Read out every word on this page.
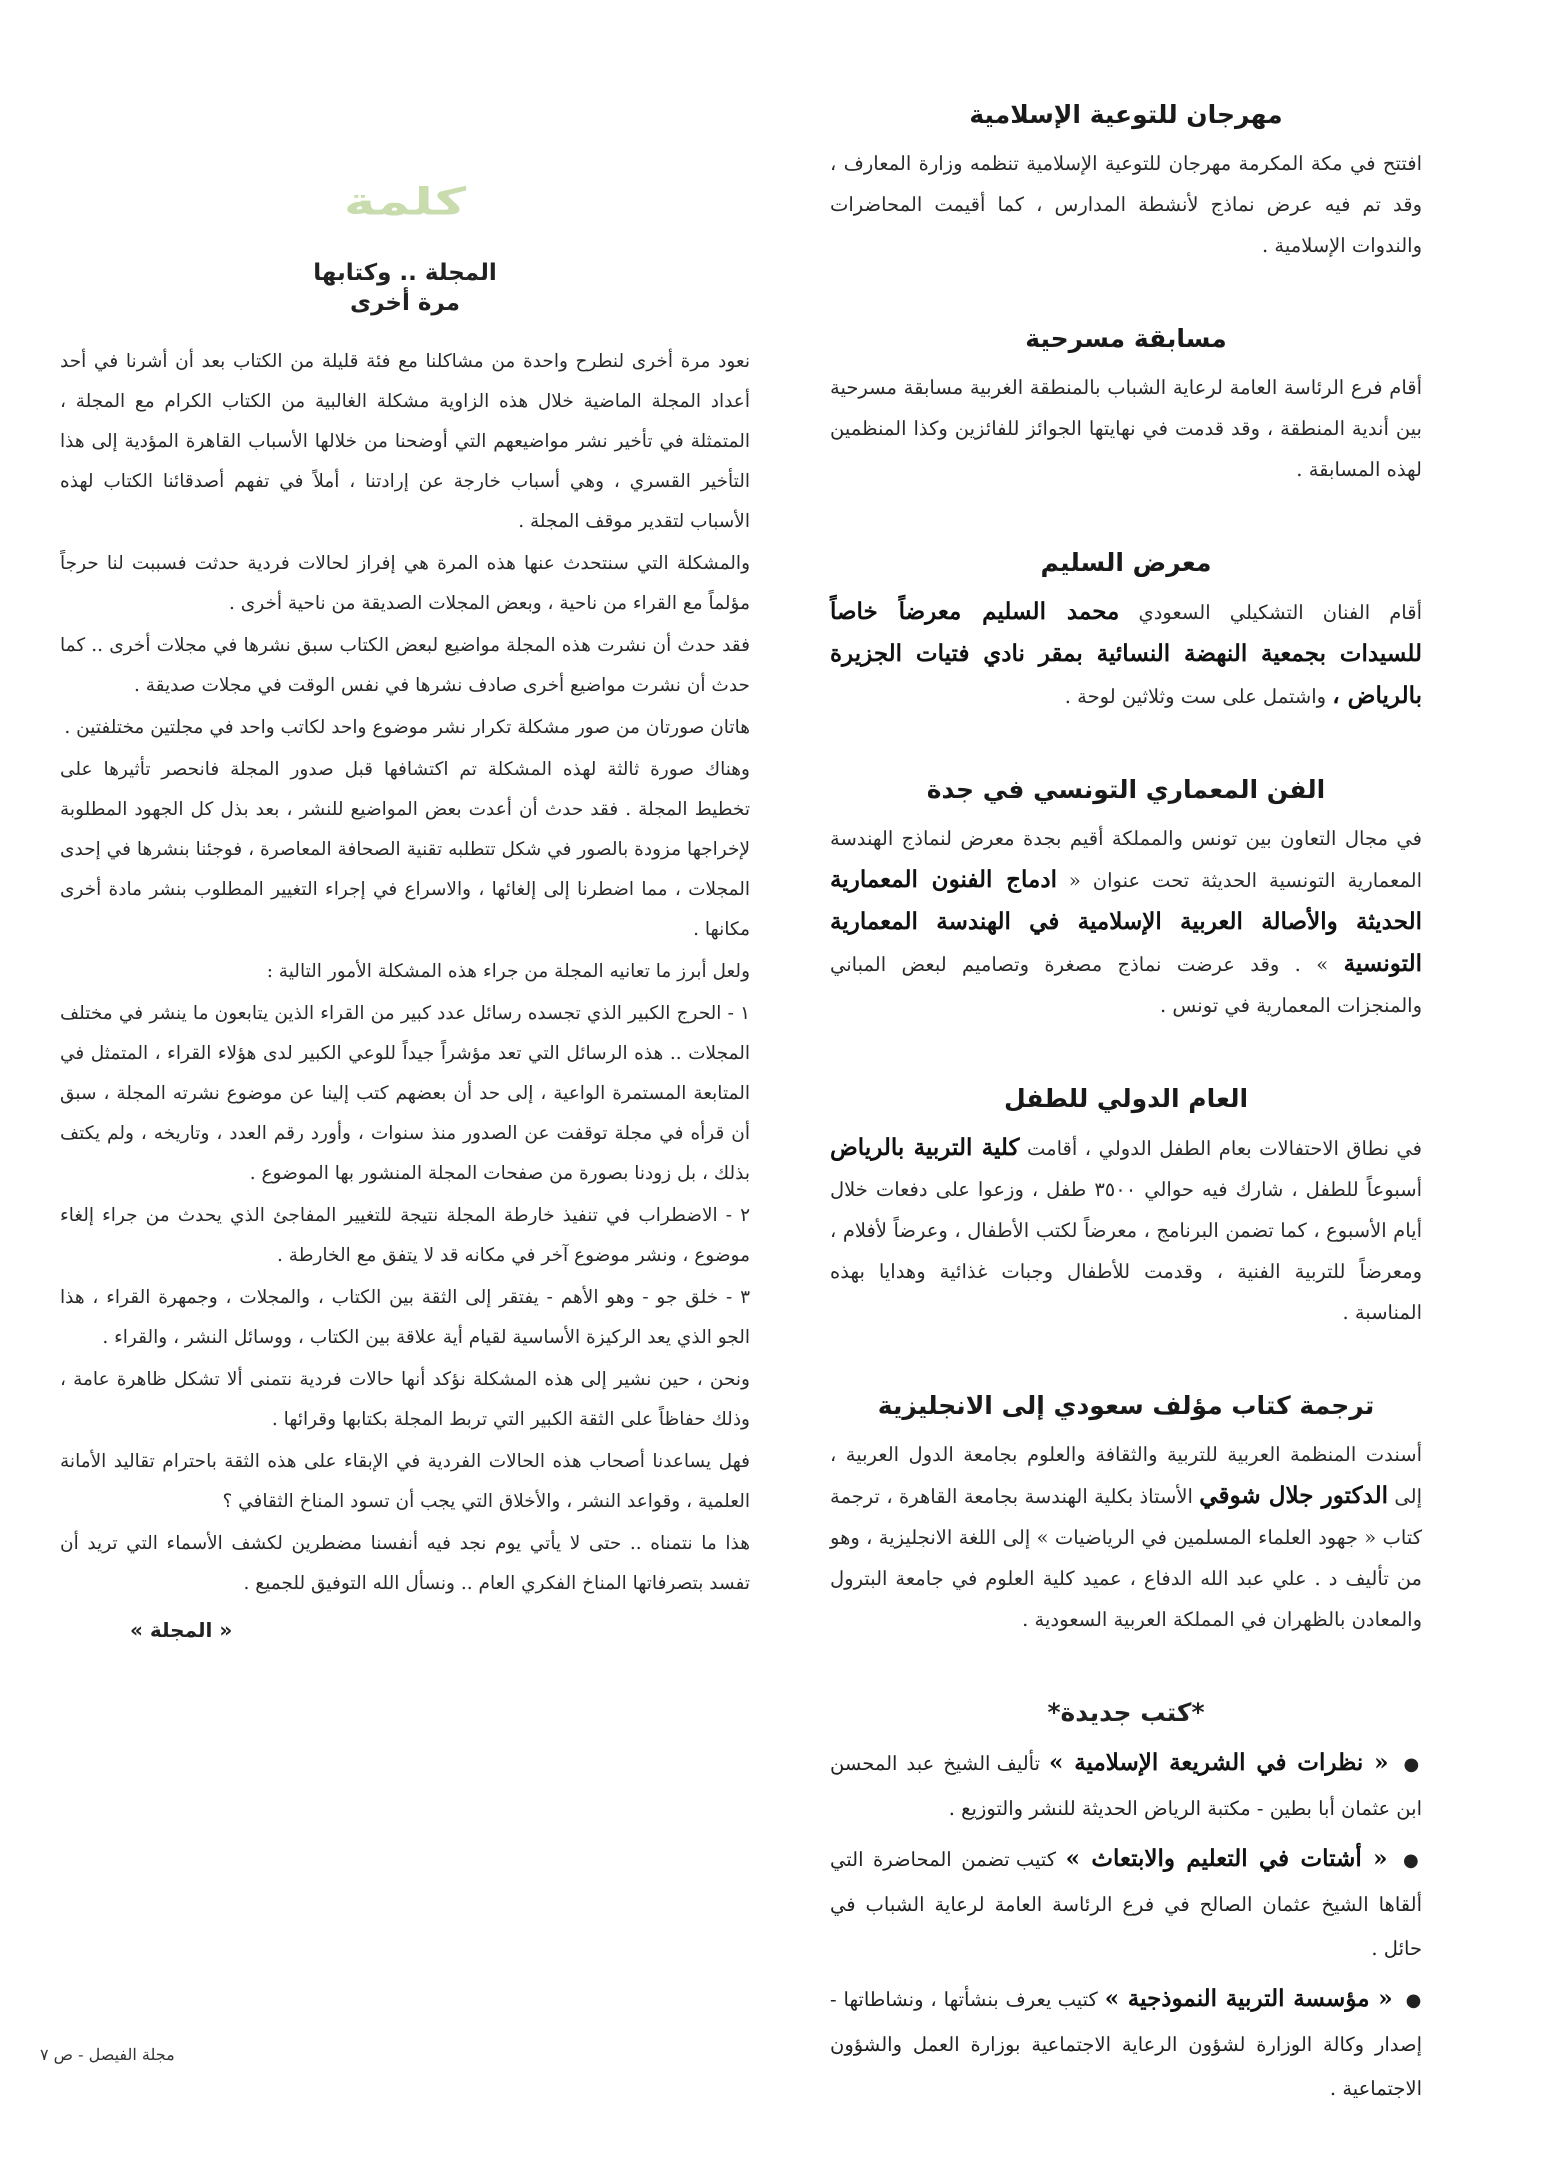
مهرجان للتوعية الإسلامية

افتتح في مكة المكرمة مهرجان للتوعية الإسلامية تنظمه وزارة المعارف ، وقد تم فيه عرض نماذج لأنشطة المدارس ، كما أقيمت المحاضرات والندوات الإسلامية .

مسابقة مسرحية

أقام فرع الرئاسة العامة لرعاية الشباب بالمنطقة الغربية مسابقة مسرحية بين أندية المنطقة ، وقد قدمت في نهايتها الجوائز للفائزين وكذا المنظمين لهذه المسابقة .

معرض السليم

أقام الفنان التشكيلي السعودي محمد السليم معرضاً خاصاً للسيدات بجمعية النهضة النسائية بمقر نادي فتيات الجزيرة بالرياض ، واشتمل على ست وثلاثين لوحة .

الفن المعماري التونسي في جدة

في مجال التعاون بين تونس والمملكة أقيم بجدة معرض لنماذج الهندسة المعمارية التونسية الحديثة تحت عنوان « ادماج الفنون المعمارية الحديثة والأصالة العربية الإسلامية في الهندسة المعمارية التونسية » . وقد عرضت نماذج مصغرة وتصاميم لبعض المباني والمنجزات المعمارية في تونس .

العام الدولي للطفل

في نطاق الاحتفالات بعام الطفل الدولي ، أقامت كلية التربية بالرياض أسبوعاً للطفل ، شارك فيه حوالي ٣٥٠٠ طفل ، وزعوا على دفعات خلال أيام الأسبوع ، كما تضمن البرنامج ، معرضاً لكتب الأطفال ، وعرضاً لأفلام ، ومعرضاً للتربية الفنية ، وقدمت للأطفال وجبات غذائية وهدايا بهذه المناسبة .

ترجمة كتاب مؤلف سعودي إلى الانجليزية

أسندت المنظمة العربية للتربية والثقافة والعلوم بجامعة الدول العربية ، إلى الدكتور جلال شوقي الأستاذ بكلية الهندسة بجامعة القاهرة ، ترجمة كتاب « جهود العلماء المسلمين في الرياضيات » إلى اللغة الانجليزية ، وهو من تأليف د . علي عبد الله الدفاع ، عميد كلية العلوم في جامعة البترول والمعادن بالظهران في المملكة العربية السعودية .

*كتب جديدة*

● « نظرات في الشريعة الإسلامية » تأليف الشيخ عبد المحسن ابن عثمان أبا بطين - مكتبة الرياض الحديثة للنشر والتوزيع .

● « أشتات في التعليم والابتعاث » كتيب تضمن المحاضرة التي ألقاها الشيخ عثمان الصالح في فرع الرئاسة العامة لرعاية الشباب في حائل .

● « مؤسسة التربية النموذجية » كتيب يعرف بنشأتها ، ونشاطاتها - إصدار وكالة الوزارة لشؤون الرعاية الاجتماعية بوزارة العمل والشؤون الاجتماعية .

كلمة
المجلة .. وكتابها
مرة أخرى

نعود مرة أخرى لنطرح واحدة من مشاكلنا مع فئة قليلة من الكتاب بعد أن أشرنا في أحد أعداد المجلة الماضية خلال هذه الزاوية مشكلة الغالبية من الكتاب الكرام مع المجلة ، المتمثلة في تأخير نشر مواضيعهم التي أوضحنا من خلالها الأسباب القاهرة المؤدية إلى هذا التأخير القسري ، وهي أسباب خارجة عن إرادتنا ، أملاً في تفهم أصدقائنا الكتاب لهذه الأسباب لتقدير موقف المجلة .

والمشكلة التي سنتحدث عنها هذه المرة هي إفراز لحالات فردية حدثت فسببت لنا حرجاً مؤلماً مع القراء من ناحية ، وبعض المجلات الصديقة من ناحية أخرى .

فقد حدث أن نشرت هذه المجلة مواضيع لبعض الكتاب سبق نشرها في مجلات أخرى .. كما حدث أن نشرت مواضيع أخرى صادف نشرها في نفس الوقت في مجلات صديقة .

هاتان صورتان من صور مشكلة تكرار نشر موضوع واحد لكاتب واحد في مجلتين مختلفتين .

وهناك صورة ثالثة لهذه المشكلة تم اكتشافها قبل صدور المجلة فانحصر تأثيرها على تخطيط المجلة . فقد حدث أن أعدت بعض المواضيع للنشر ، بعد بذل كل الجهود المطلوبة لإخراجها مزودة بالصور في شكل تتطلبه تقنية الصحافة المعاصرة ، فوجئنا بنشرها في إحدى المجلات ، مما اضطرنا إلى إلغائها ، والاسراع في إجراء التغيير المطلوب بنشر مادة أخرى مكانها .

ولعل أبرز ما تعانيه المجلة من جراء هذه المشكلة الأمور التالية :

١ - الحرج الكبير الذي تجسده رسائل عدد كبير من القراء الذين يتابعون ما ينشر في مختلف المجلات .. هذه الرسائل التي تعد مؤشراً جيداً للوعي الكبير لدى هؤلاء القراء ، المتمثل في المتابعة المستمرة الواعية ، إلى حد أن بعضهم كتب إلينا عن موضوع نشرته المجلة ، سبق أن قرأه في مجلة توقفت عن الصدور منذ سنوات ، وأورد رقم العدد ، وتاريخه ، ولم يكتف بذلك ، بل زودنا بصورة من صفحات المجلة المنشور بها الموضوع .

٢ - الاضطراب في تنفيذ خارطة المجلة نتيجة للتغيير المفاجئ الذي يحدث من جراء إلغاء موضوع ، ونشر موضوع آخر في مكانه قد لا يتفق مع الخارطة .

٣ - خلق جو - وهو الأهم - يفتقر إلى الثقة بين الكتاب ، والمجلات ، وجمهرة القراء ، هذا الجو الذي يعد الركيزة الأساسية لقيام أية علاقة بين الكتاب ، ووسائل النشر ، والقراء .

ونحن ، حين نشير إلى هذه المشكلة نؤكد أنها حالات فردية نتمنى ألا تشكل ظاهرة عامة ، وذلك حفاظاً على الثقة الكبير التي تربط المجلة بكتابها وقرائها .

فهل يساعدنا أصحاب هذه الحالات الفردية في الإبقاء على هذه الثقة باحترام تقاليد الأمانة العلمية ، وقواعد النشر ، والأخلاق التي يجب أن تسود المناخ الثقافي ؟

هذا ما نتمناه .. حتى لا يأتي يوم نجد فيه أنفسنا مضطرين لكشف الأسماء التي تريد أن تفسد بتصرفاتها المناخ الفكري العام .. ونسأل الله التوفيق للجميع .

« المجلة »
مجلة الفيصل - ص ٧
